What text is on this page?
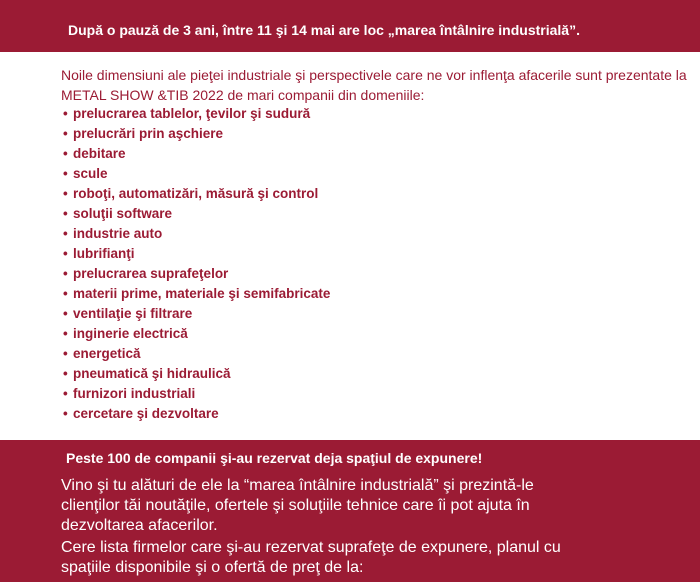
După o pauză de 3 ani, între 11 şi 14 mai are loc „marea întâlnire industrială”.

Noile dimensiuni ale pieţei industriale şi perspectivele care ne vor inflenţa afacerile sunt prezentate la METAL SHOW &TIB 2022 de mari companii din domeniile:

• prelucrarea tablelor, ţevilor şi sudură
• prelucrări prin aşchiere
• debitare
• scule
• roboţi, automatizări, măsură şi control
• soluţii software
• industrie auto
• lubrifianţi
• prelucrarea suprafeţelor
• materii prime, materiale şi semifabricate
• ventilaţie şi filtrare
• inginerie electrică
• energetică
• pneumatică şi hidraulică
• furnizori industriali
• cercetare şi dezvoltare
Peste 100 de companii şi-au rezervat deja spaţiul de expunere!

Vino şi tu alături de ele la “marea întâlnire industrială” şi prezintă-le clienţilor tăi noutăţile, ofertele şi soluţiile tehnice care îi pot ajuta în dezvoltarea afacerilor.

Cere lista firmelor care şi-au rezervat suprafeţe de expunere, planul cu spaţiile disponibile şi o ofertă de preţ de la:
